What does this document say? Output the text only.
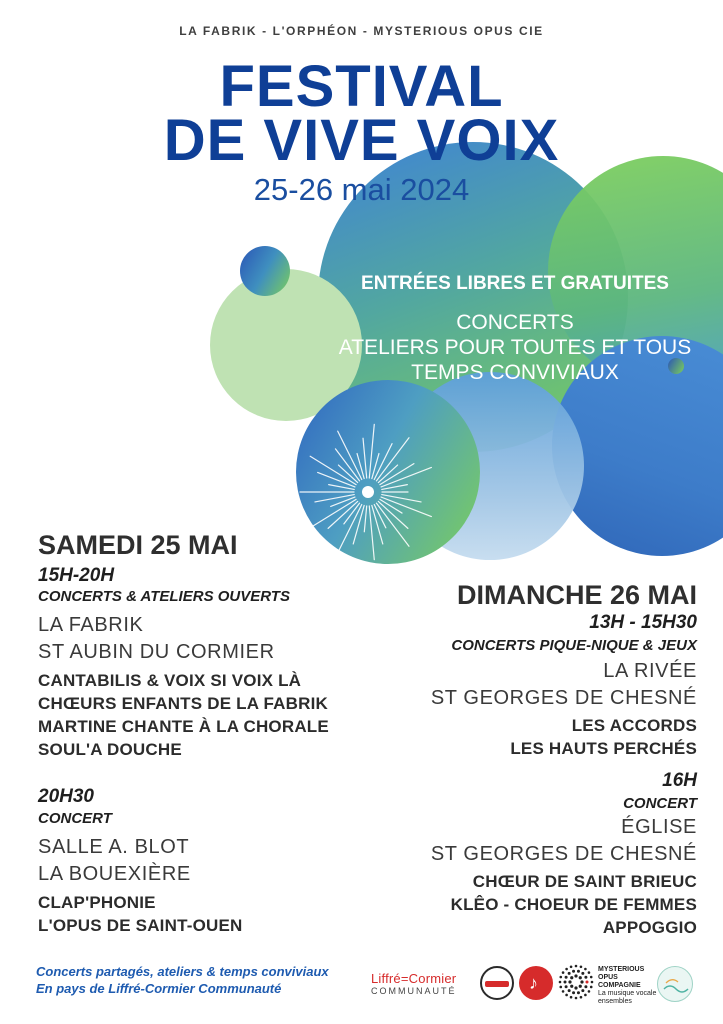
LA FABRIK - L'ORPHÉON - MYSTERIOUS OPUS CIE
FESTIVAL
DE VIVE VOIX
25-26 mai 2024
ENTRÉES LIBRES ET GRATUITES
CONCERTS
ATELIERS POUR TOUTES ET TOUS
TEMPS CONVIVIAUX
SAMEDI 25 MAI
15H-20H
CONCERTS & ATELIERS OUVERTS
LA FABRIK
ST AUBIN DU CORMIER
CANTABILIS & VOIX SI VOIX LÀ
CHŒURS ENFANTS DE LA FABRIK
MARTINE CHANTE À LA CHORALE
SOUL'A DOUCHE
20H30
CONCERT
SALLE A. BLOT
LA BOUEXIÈRE
CLAP'PHONIE
L'OPUS DE SAINT-OUEN
DIMANCHE 26 MAI
13H - 15H30
CONCERTS PIQUE-NIQUE & JEUX
LA RIVÉE
ST GEORGES DE CHESNÉ
LES ACCORDS
LES HAUTS PERCHÉS
16H
CONCERT
ÉGLISE
ST GEORGES DE CHESNÉ
CHŒUR DE SAINT BRIEUC
KLÊO - CHOEUR DE FEMMES
APPOGGIO
Concerts partagés, ateliers & temps conviviaux
En pays de Liffré-Cormier Communauté
Liffré=Cormier
COMMUNAUTÉ	♪
MYSTERIOUS
OPUS
COMPAGNIE
La musique vocale
ensembles
